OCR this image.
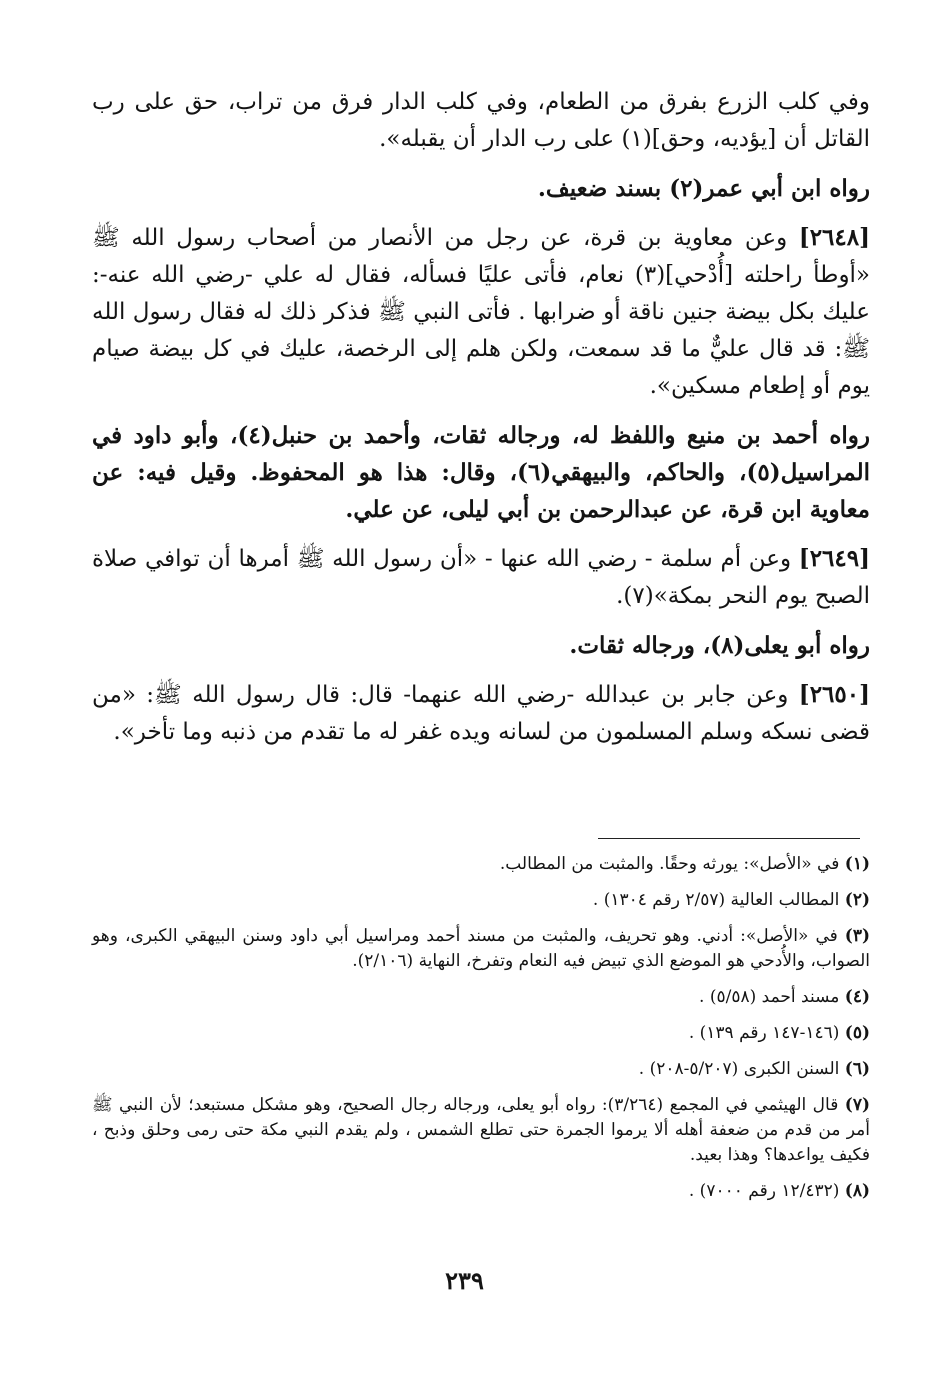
وفي كلب الزرع بفرق من الطعام، وفي كلب الدار فرق من تراب، حق على رب القاتل أن [يؤديه، وحق](١) على رب الدار أن يقبله».

رواه ابن أبي عمر(٢) بسند ضعيف.

[٢٦٤٨] وعن معاوية بن قرة، عن رجل من الأنصار من أصحاب رسول الله ﷺ «أوطأ راحلته [أُدْحي](٣) نعام، فأتى عليًا فسأله، فقال له علي -رضي الله عنه-: عليك بكل بيضة جنين ناقة أو ضرابها . فأتى النبي ﷺ فذكر ذلك له فقال رسول الله ﷺ: قد قال عليٌّ ما قد سمعت، ولكن هلم إلى الرخصة، عليك في كل بيضة صيام يوم أو إطعام مسكين».

رواه أحمد بن منيع واللفظ له، ورجاله ثقات، وأحمد بن حنبل(٤)، وأبو داود في المراسيل(٥)، والحاكم، والبيهقي(٦)، وقال: هذا هو المحفوظ. وقيل فيه: عن معاوية ابن قرة، عن عبدالرحمن بن أبي ليلى، عن علي.

[٢٦٤٩] وعن أم سلمة - رضي الله عنها - «أن رسول الله ﷺ أمرها أن توافي صلاة الصبح يوم النحر بمكة»(٧).

رواه أبو يعلى(٨)، ورجاله ثقات.

[٢٦٥٠] وعن جابر بن عبدالله -رضي الله عنهما- قال: قال رسول الله ﷺ: «من قضى نسكه وسلم المسلمون من لسانه ويده غفر له ما تقدم من ذنبه وما تأخر».

(١) في «الأصل»: يورثه وحقًا. والمثبت من المطالب.

(٢) المطالب العالية (٢/٥٧ رقم ١٣٠٤) .

(٣) في «الأصل»: أدني. وهو تحريف، والمثبت من مسند أحمد ومراسيل أبي داود وسنن البيهقي الكبرى، وهو الصواب، والأُدحي هو الموضع الذي تبيض فيه النعام وتفرخ، النهاية (٢/١٠٦).

(٤) مسند أحمد (٥/٥٨) .

(٥) (١٤٦-١٤٧ رقم ١٣٩) .

(٦) السنن الكبرى (٥/٢٠٧-٢٠٨) .

(٧) قال الهيثمي في المجمع (٣/٢٦٤): رواه أبو يعلى، ورجاله رجال الصحيح، وهو مشكل مستبعد؛ لأن النبي ﷺ أمر من قدم من ضعفة أهله ألا يرموا الجمرة حتى تطلع الشمس ، ولم يقدم النبي مكة حتى رمى وحلق وذبح ، فكيف يواعدها؟ وهذا بعيد.

(٨) (١٢/٤٣٢ رقم ٧٠٠٠) .

٢٣٩
